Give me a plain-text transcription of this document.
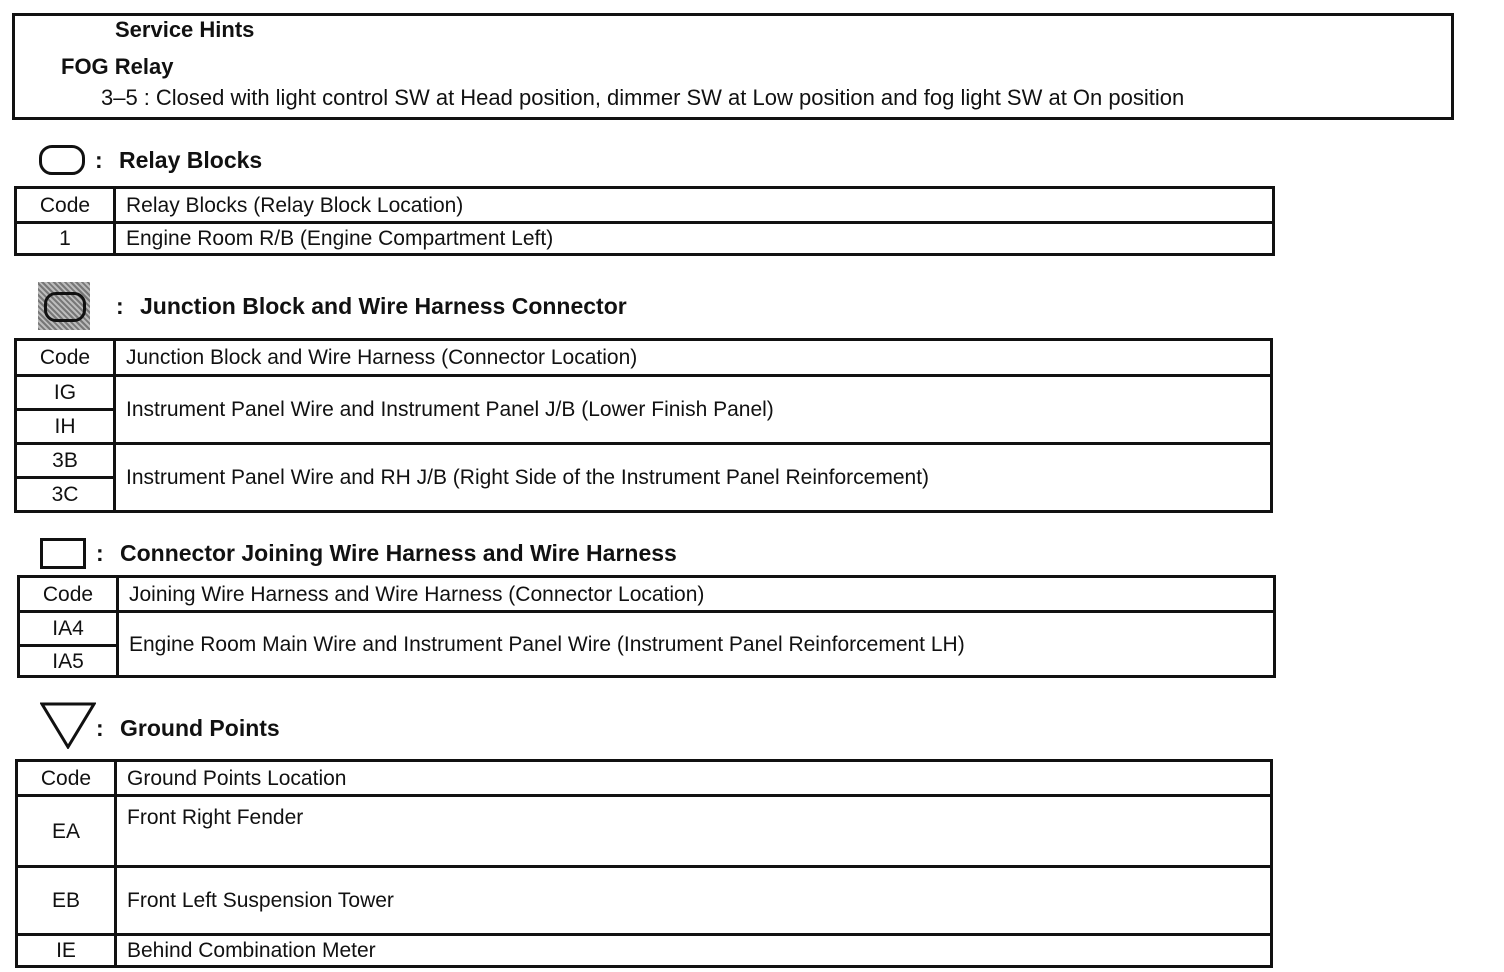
Service Hints
FOG Relay
3–5 : Closed with light control SW at Head position, dimmer SW at Low position and fog light SW at On position
: Relay Blocks
Code	Relay Blocks (Relay Block Location)
1	Engine Room R/B (Engine Compartment Left)
: Junction Block and Wire Harness Connector
Code	Junction Block and Wire Harness (Connector Location)
IG	Instrument Panel Wire and Instrument Panel J/B (Lower Finish Panel)
IH	
3B	Instrument Panel Wire and RH J/B (Right Side of the Instrument Panel Reinforcement)
3C	
: Connector Joining Wire Harness and Wire Harness
Code	Joining Wire Harness and Wire Harness (Connector Location)
IA4	Engine Room Main Wire and Instrument Panel Wire (Instrument Panel Reinforcement LH)
IA5	
: Ground Points
Code	Ground Points Location
EA	Front Right Fender
EB	Front Left Suspension Tower
IE	Behind Combination Meter
